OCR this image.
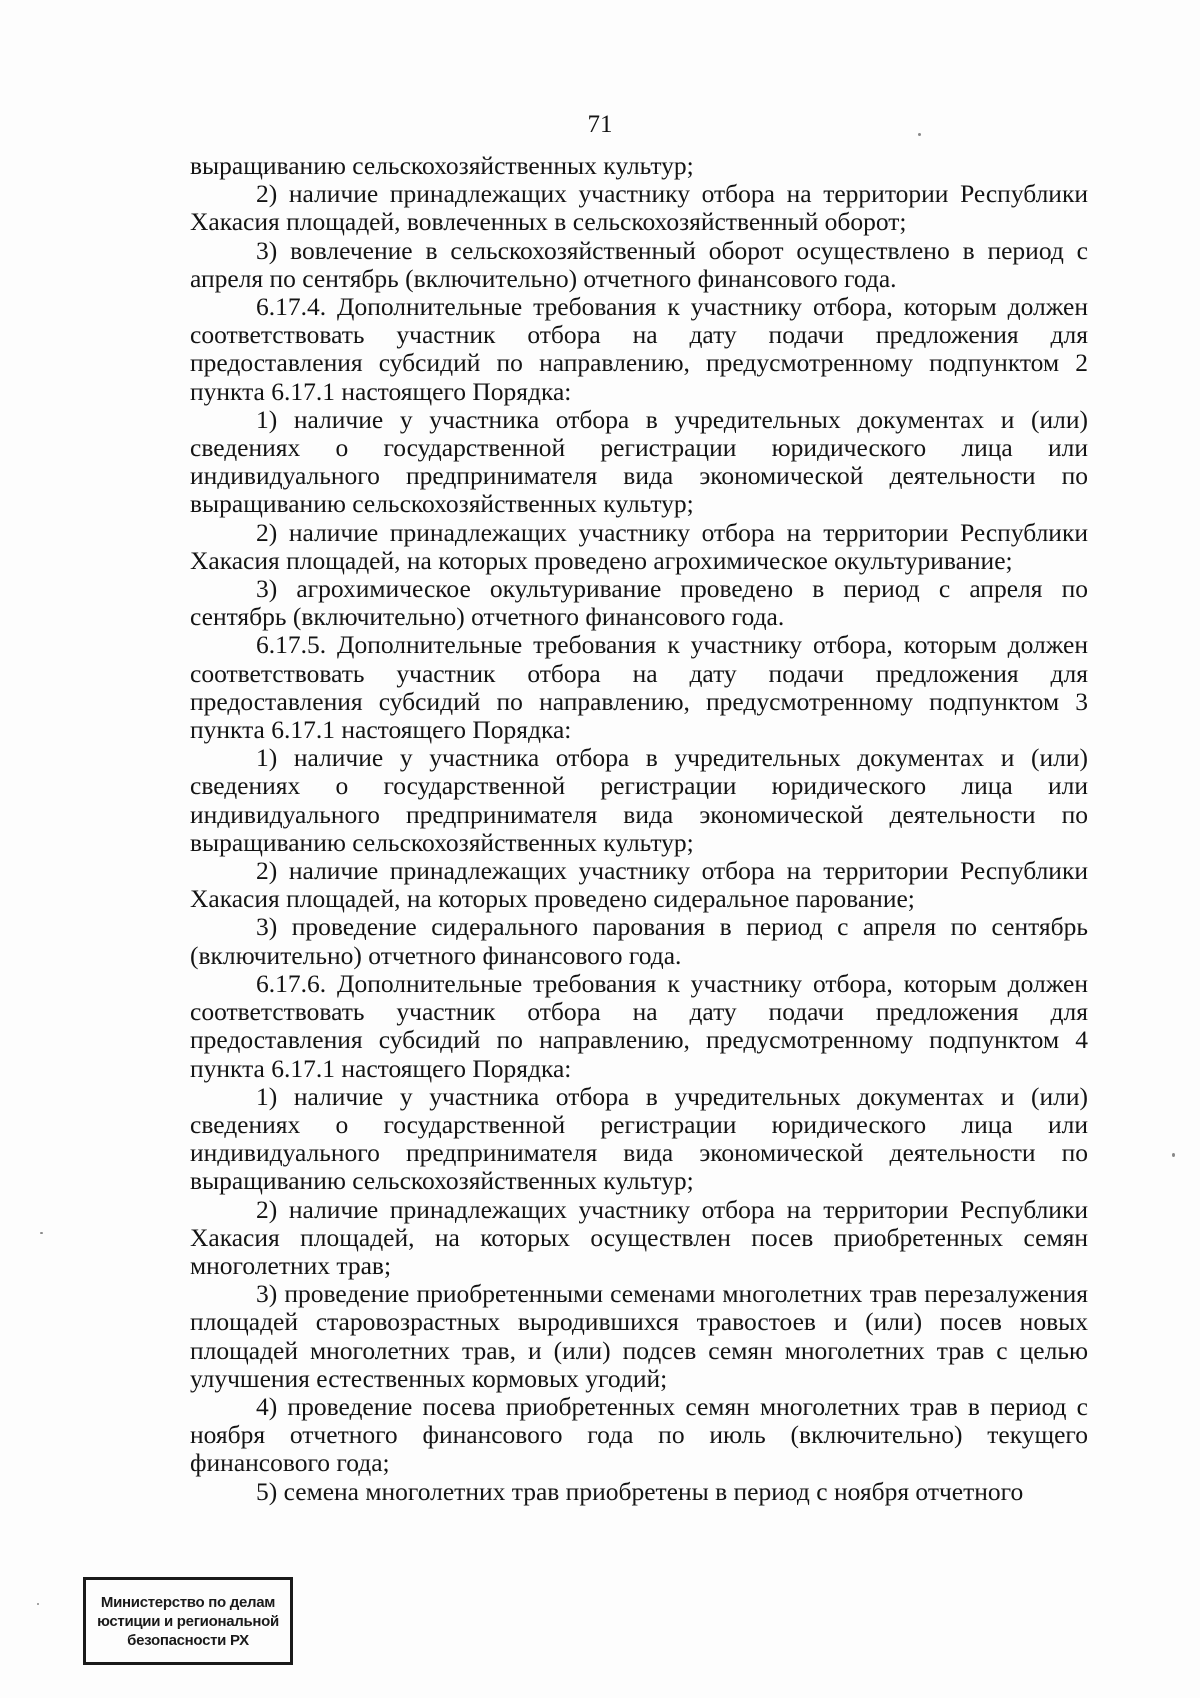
71

выращиванию сельскохозяйственных культур;

2) наличие принадлежащих участнику отбора на территории Республики Хакасия площадей, вовлеченных в сельскохозяйственный оборот;

3) вовлечение в сельскохозяйственный оборот осуществлено в период с апреля по сентябрь (включительно) отчетного финансового года.

6.17.4. Дополнительные требования к участнику отбора, которым должен соответствовать участник отбора на дату подачи предложения для предоставления субсидий по направлению, предусмотренному подпунктом 2 пункта 6.17.1 настоящего Порядка:

1) наличие у участника отбора в учредительных документах и (или) сведениях о государственной регистрации юридического лица или индивидуального предпринимателя вида экономической деятельности по выращиванию сельскохозяйственных культур;

2) наличие принадлежащих участнику отбора на территории Республики Хакасия площадей, на которых проведено агрохимическое окультуривание;

3) агрохимическое окультуривание проведено в период с апреля по сентябрь (включительно) отчетного финансового года.

6.17.5. Дополнительные требования к участнику отбора, которым должен соответствовать участник отбора на дату подачи предложения для предоставления субсидий по направлению, предусмотренному подпунктом 3 пункта 6.17.1 настоящего Порядка:

1) наличие у участника отбора в учредительных документах и (или) сведениях о государственной регистрации юридического лица или индивидуального предпринимателя вида экономической деятельности по выращиванию сельскохозяйственных культур;

2) наличие принадлежащих участнику отбора на территории Республики Хакасия площадей, на которых проведено сидеральное парование;

3) проведение сидерального парования в период с апреля по сентябрь (включительно) отчетного финансового года.

6.17.6. Дополнительные требования к участнику отбора, которым должен соответствовать участник отбора на дату подачи предложения для предоставления субсидий по направлению, предусмотренному подпунктом 4 пункта 6.17.1 настоящего Порядка:

1) наличие у участника отбора в учредительных документах и (или) сведениях о государственной регистрации юридического лица или индивидуального предпринимателя вида экономической деятельности по выращиванию сельскохозяйственных культур;

2) наличие принадлежащих участнику отбора на территории Республики Хакасия площадей, на которых осуществлен посев приобретенных семян многолетних трав;

3) проведение приобретенными семенами многолетних трав перезалужения площадей старовозрастных выродившихся травостоев и (или) посев новых площадей многолетних трав, и (или) подсев семян многолетних трав с целью улучшения естественных кормовых угодий;

4) проведение посева приобретенных семян многолетних трав в период с ноября отчетного финансового года по июль (включительно) текущего финансового года;

5) семена многолетних трав приобретены в период с ноября отчетного

Министерство по делам
юстиции и региональной
безопасности РХ
